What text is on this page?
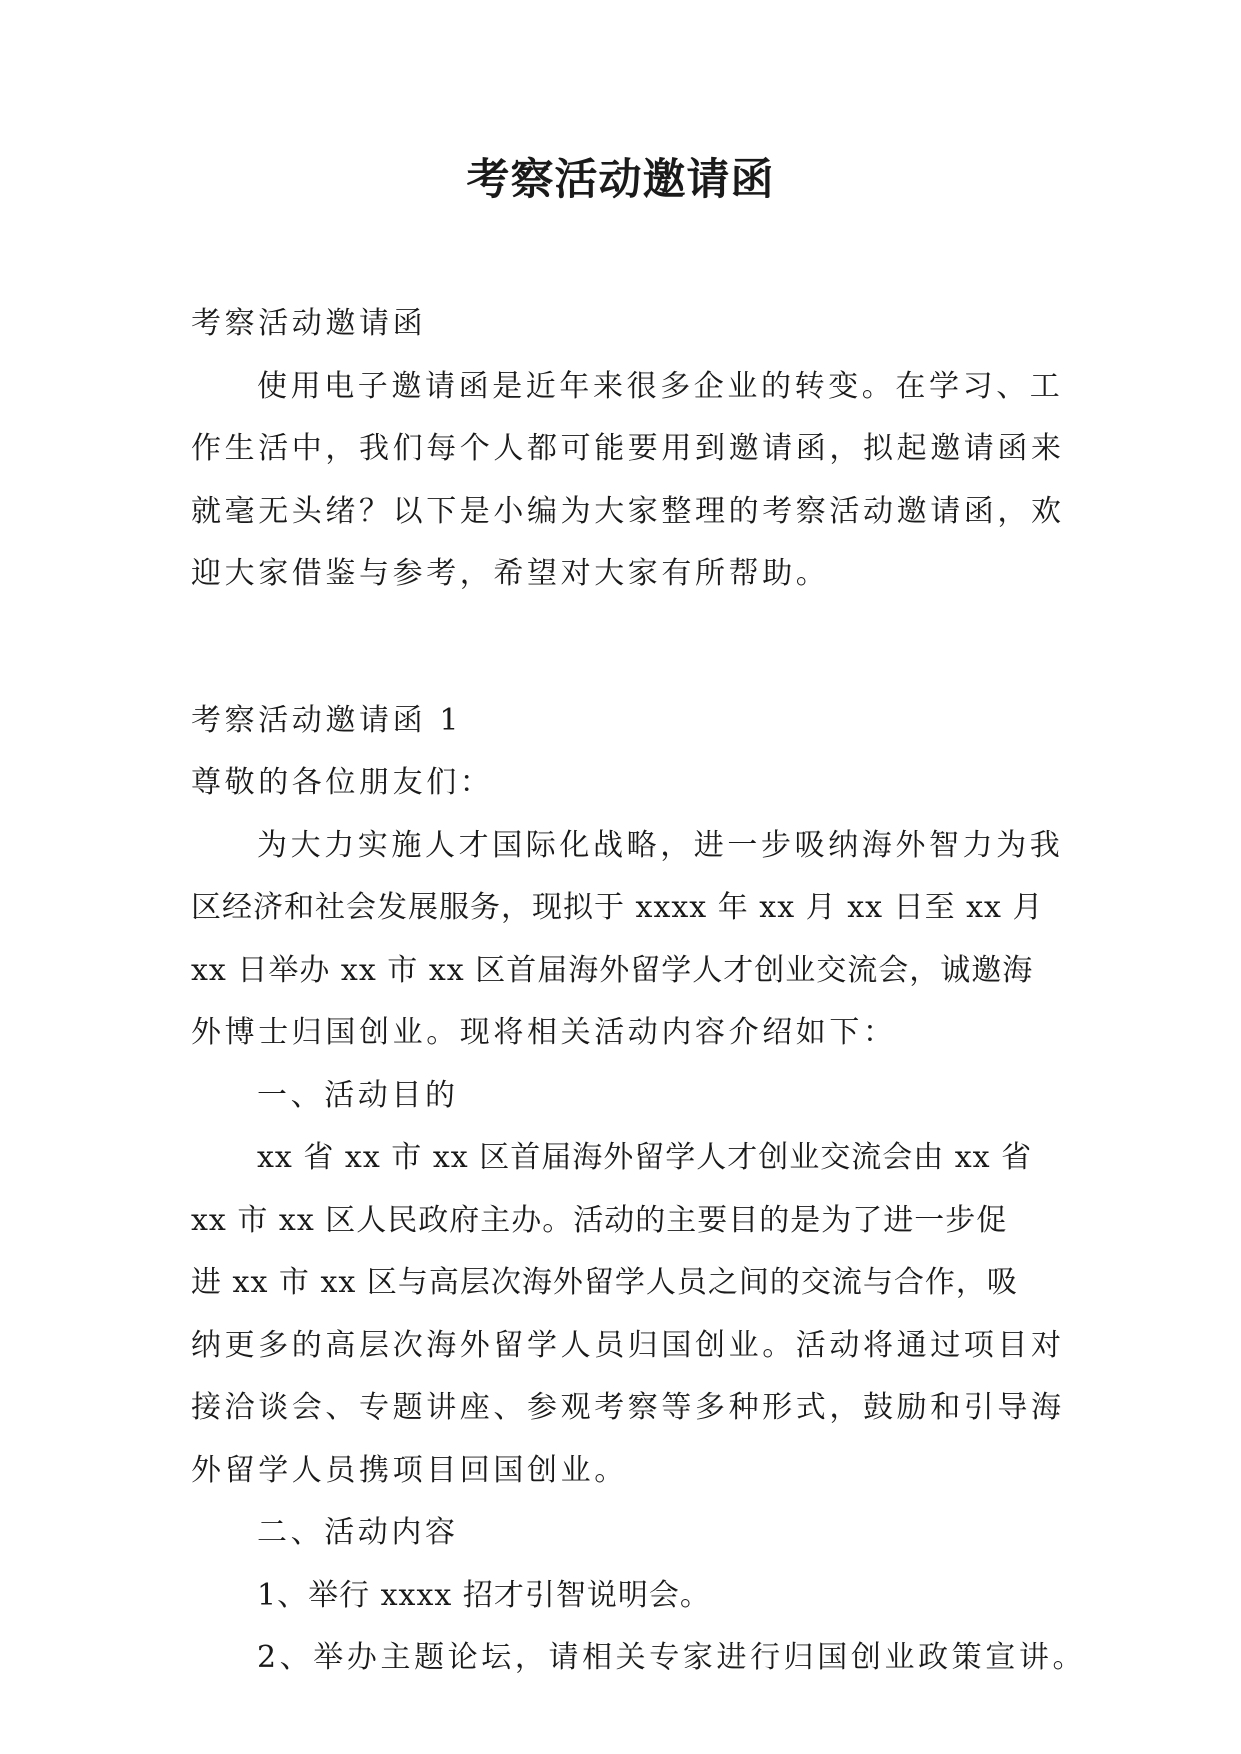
考察活动邀请函

考察活动邀请函

使用电子邀请函是近年来很多企业的转变。在学习、工

作生活中，我们每个人都可能要用到邀请函，拟起邀请函来

就毫无头绪？以下是小编为大家整理的考察活动邀请函，欢

迎大家借鉴与参考，希望对大家有所帮助。

考察活动邀请函 1

尊敬的各位朋友们：

为大力实施人才国际化战略，进一步吸纳海外智力为我

区经济和社会发展服务，现拟于 xxxx 年 xx 月 xx 日至 xx 月

xx 日举办 xx 市 xx 区首届海外留学人才创业交流会，诚邀海

外博士归国创业。现将相关活动内容介绍如下：

一、活动目的

xx 省 xx 市 xx 区首届海外留学人才创业交流会由 xx 省

xx 市 xx 区人民政府主办。活动的主要目的是为了进一步促

进 xx 市 xx 区与高层次海外留学人员之间的交流与合作，吸

纳更多的高层次海外留学人员归国创业。活动将通过项目对

接洽谈会、专题讲座、参观考察等多种形式，鼓励和引导海

外留学人员携项目回国创业。

二、活动内容

1、举行 xxxx 招才引智说明会。

2、举办主题论坛，请相关专家进行归国创业政策宣讲。
